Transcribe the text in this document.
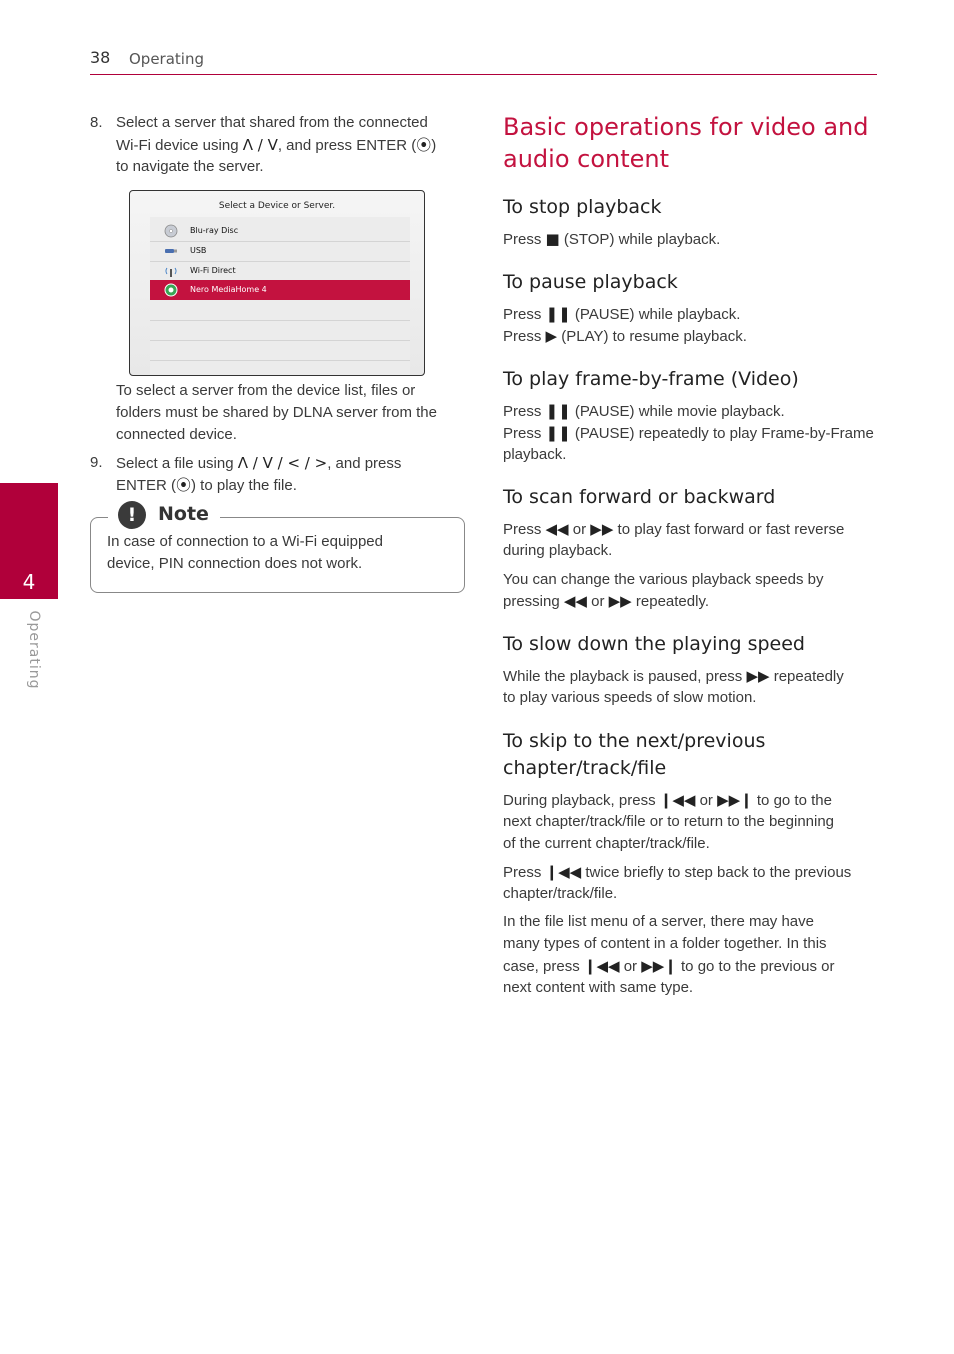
38 Operating
4
Operating
8. Select a server that shared from the connected
Wi-Fi device using Λ / V, and press ENTER (⦿)
to navigate the server.
Select a Device or Server.
Blu-ray Disc
USB
Wi-Fi Direct
Nero MediaHome 4
To select a server from the device list, files or
folders must be shared by DLNA server from the
connected device.
9. Select a file using Λ / V / < / >, and press
ENTER (⦿) to play the file.
!	Note
In case of connection to a Wi-Fi equipped
device, PIN connection does not work.
Basic operations for video and
audio content
To stop playback
Press ■ (STOP) while playback.
To pause playback
Press ❚❚ (PAUSE) while playback.
Press ▶ (PLAY) to resume playback.
To play frame-by-frame (Video)
Press ❚❚ (PAUSE) while movie playback.
Press ❚❚ (PAUSE) repeatedly to play Frame-by-Frame
playback.
To scan forward or backward
Press ◀◀ or ▶▶ to play fast forward or fast reverse
during playback.
You can change the various playback speeds by
pressing ◀◀ or ▶▶ repeatedly.
To slow down the playing speed
While the playback is paused, press ▶▶ repeatedly
to play various speeds of slow motion.
To skip to the next/previous
chapter/track/file
During playback, press ❙◀◀ or ▶▶❙ to go to the
next chapter/track/file or to return to the beginning
of the current chapter/track/file.
Press ❙◀◀ twice briefly to step back to the previous
chapter/track/file.
In the file list menu of a server, there may have
many types of content in a folder together. In this
case, press ❙◀◀ or ▶▶❙ to go to the previous or
next content with same type.
